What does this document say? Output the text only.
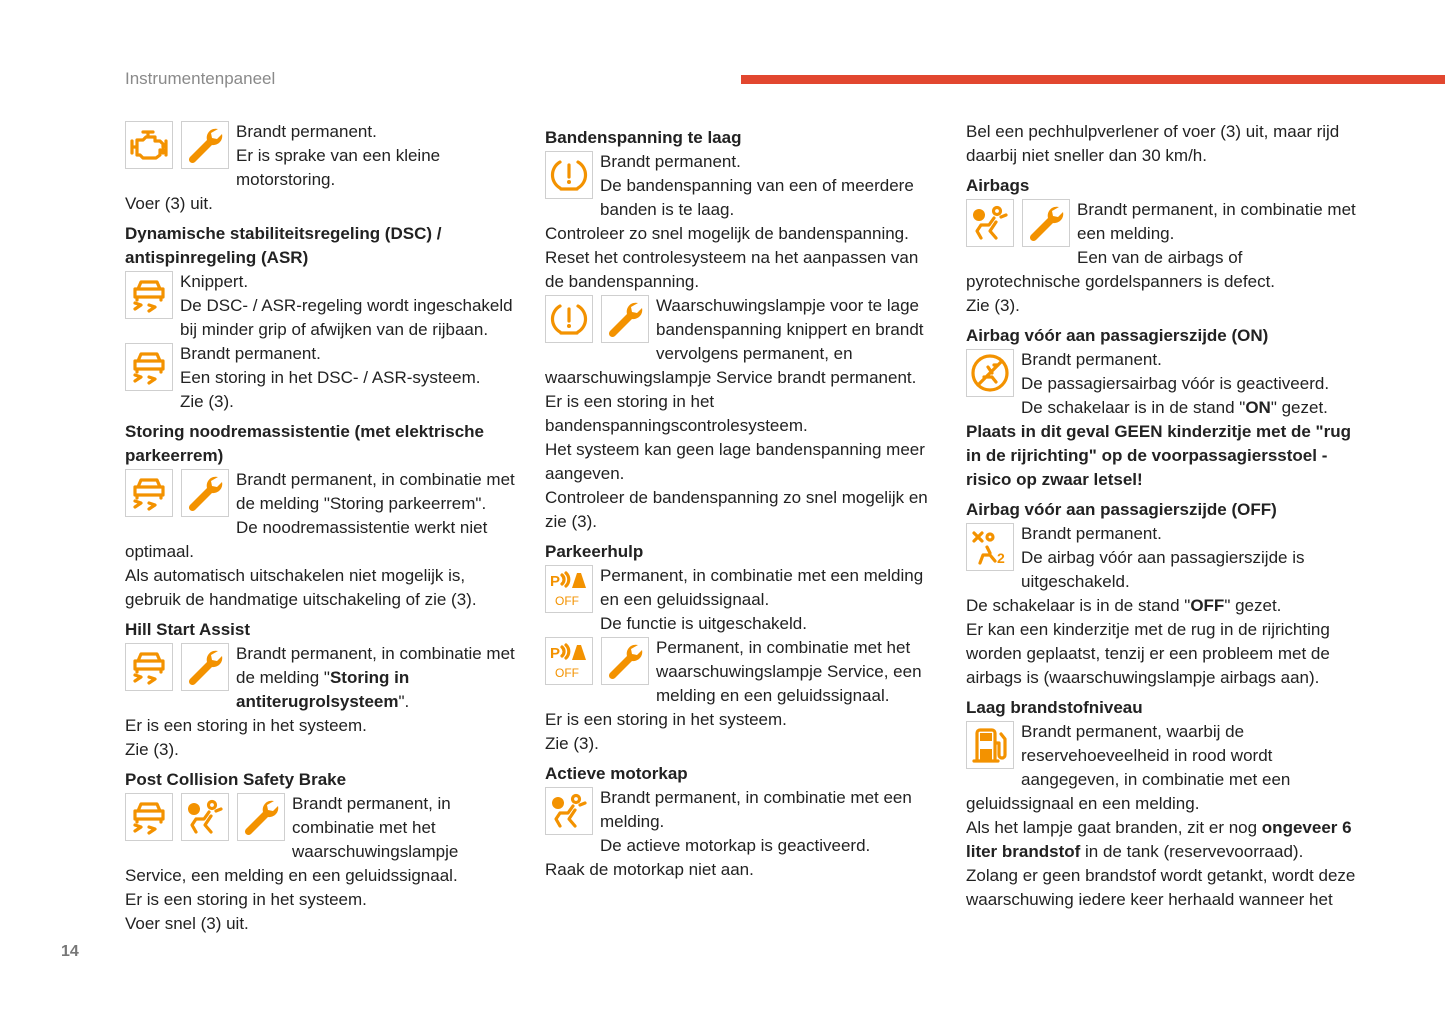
Instrumentenpaneel

Brandt permanent.

Er is sprake van een kleine motorstoring.

Voer (3) uit.

Dynamische stabiliteitsregeling (DSC) / antispinregeling (ASR)

Knippert.

De DSC- / ASR-regeling wordt ingeschakeld bij minder grip of afwijken van de rijbaan.

Brandt permanent.

Een storing in het DSC- / ASR-systeem.

Zie (3).

Storing noodremassistentie (met elektrische parkeerrem)

Brandt permanent, in combinatie met de melding "Storing parkeerrem".

De noodremassistentie werkt niet optimaal.

Als automatisch uitschakelen niet mogelijk is, gebruik de handmatige uitschakeling of zie (3).

Hill Start Assist

Brandt permanent, in combinatie met de melding "Storing in antiterugrolsysteem".

Er is een storing in het systeem.

Zie (3).

Post Collision Safety Brake

Brandt permanent, in combinatie met het waarschuwingslampje Service, een melding en een geluidssignaal.

Er is een storing in het systeem.

Voer snel (3) uit.

Bandenspanning te laag

Brandt permanent.

De bandenspanning van een of meerdere banden is te laag.

Controleer zo snel mogelijk de bandenspanning.

Reset het controlesysteem na het aanpassen van de bandenspanning.

Waarschuwingslampje voor te lage bandenspanning knippert en brandt vervolgens permanent, en waarschuwingslampje Service brandt permanent.

Er is een storing in het bandenspanningscontrolesysteem.

Het systeem kan geen lage bandenspanning meer aangeven.

Controleer de bandenspanning zo snel mogelijk en zie (3).

Parkeerhulp
P
OFF

Permanent, in combinatie met een melding en een geluidssignaal.

De functie is uitgeschakeld.

P
OFF

Permanent, in combinatie met het waarschuwingslampje Service, een melding en een geluidssignaal.

Er is een storing in het systeem.

Zie (3).

Actieve motorkap

Brandt permanent, in combinatie met een melding.

De actieve motorkap is geactiveerd.

Raak de motorkap niet aan.

Bel een pechhulpverlener of voer (3) uit, maar rijd daarbij niet sneller dan 30 km/h.

Airbags

Brandt permanent, in combinatie met een melding.

Een van de airbags of pyrotechnische gordelspanners is defect.

Zie (3).

Airbag vóór aan passagierszijde (ON)

Brandt permanent.

De passagiersairbag vóór is geactiveerd.

De schakelaar is in de stand "ON" gezet.

Plaats in dit geval GEEN kinderzitje met de "rug in de rijrichting" op de voorpassagiersstoel - risico op zwaar letsel!

Airbag vóór aan passagierszijde (OFF)
2

Brandt permanent.

De airbag vóór aan passagierszijde is uitgeschakeld.

De schakelaar is in de stand "OFF" gezet.

Er kan een kinderzitje met de rug in de rijrichting worden geplaatst, tenzij er een probleem met de airbags is (waarschuwingslampje airbags aan).

Laag brandstofniveau

Brandt permanent, waarbij de reservehoeveelheid in rood wordt aangegeven, in combinatie met een geluidssignaal en een melding.

Als het lampje gaat branden, zit er nog ongeveer 6 liter brandstof in de tank (reservevoorraad).

Zolang er geen brandstof wordt getankt, wordt deze waarschuwing iedere keer herhaald wanneer het

14
